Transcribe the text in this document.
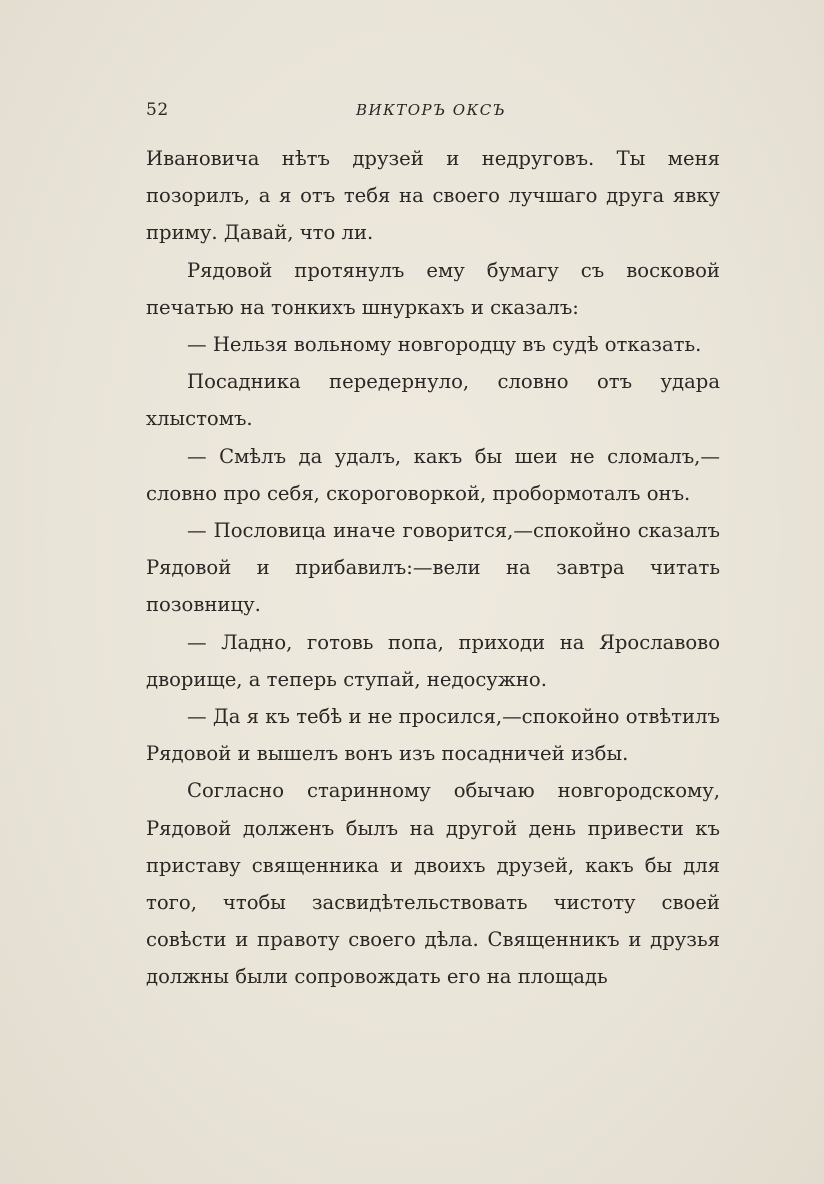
52	ВИКТОРЪ ОКСЪ

Ивановича нѣтъ друзей и недруговъ. Ты меня позорилъ, а я отъ тебя на своего лучшаго друга явку приму. Давай, что ли.

Рядовой протянулъ ему бумагу съ восковой печатью на тонкихъ шнуркахъ и сказалъ:

— Нельзя вольному новгородцу въ судѣ отказать.

Посадника передернуло, словно отъ удара хлыстомъ.

— Смѣлъ да удалъ, какъ бы шеи не сломалъ,— словно про себя, скороговоркой, пробормоталъ онъ.

— Пословица иначе говорится,—спокойно сказалъ Рядовой и прибавилъ:—вели на завтра читать позовницу.

— Ладно, готовь попа, приходи на Ярославово дворище, а теперь ступай, недосужно.

— Да я къ тебѣ и не просился,—спокойно отвѣтилъ Рядовой и вышелъ вонъ изъ посадничей избы.

Согласно старинному обычаю новгородскому, Рядовой долженъ былъ на другой день привести къ приставу священника и двоихъ друзей, какъ бы для того, чтобы засвидѣтельствовать чистоту своей совѣсти и правоту своего дѣла. Священникъ и друзья должны были сопровождать его на площадь
